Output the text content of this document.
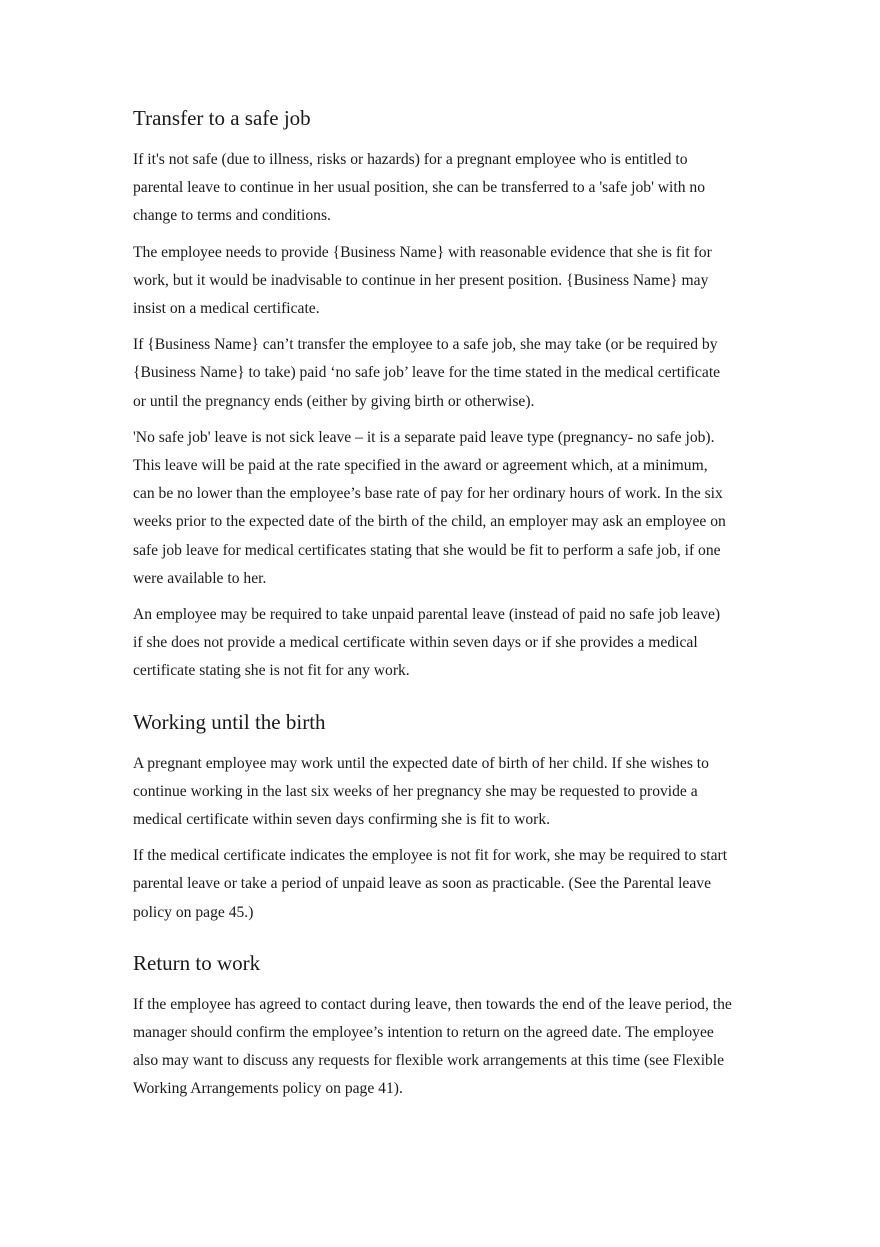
Transfer to a safe job

If it's not safe (due to illness, risks or hazards) for a pregnant employee who is entitled to parental leave to continue in her usual position, she can be transferred to a 'safe job' with no change to terms and conditions.

The employee needs to provide {Business Name} with reasonable evidence that she is fit for work, but it would be inadvisable to continue in her present position. {Business Name} may insist on a medical certificate.

If {Business Name} can’t transfer the employee to a safe job, she may take (or be required by {Business Name} to take) paid ‘no safe job’ leave for the time stated in the medical certificate or until the pregnancy ends (either by giving birth or otherwise).

'No safe job' leave is not sick leave – it is a separate paid leave type (pregnancy- no safe job). This leave will be paid at the rate specified in the award or agreement which, at a minimum, can be no lower than the employee’s base rate of pay for her ordinary hours of work. In the six weeks prior to the expected date of the birth of the child, an employer may ask an employee on safe job leave for medical certificates stating that she would be fit to perform a safe job, if one were available to her.

An employee may be required to take unpaid parental leave (instead of paid no safe job leave) if she does not provide a medical certificate within seven days or if she provides a medical certificate stating she is not fit for any work.

Working until the birth

A pregnant employee may work until the expected date of birth of her child. If she wishes to continue working in the last six weeks of her pregnancy she may be requested to provide a medical certificate within seven days confirming she is fit to work.

If the medical certificate indicates the employee is not fit for work, she may be required to start parental leave or take a period of unpaid leave as soon as practicable. (See the Parental leave policy on page 45.)

Return to work

If the employee has agreed to contact during leave, then towards the end of the leave period, the manager should confirm the employee’s intention to return on the agreed date. The employee also may want to discuss any requests for flexible work arrangements at this time (see Flexible Working Arrangements policy on page 41).
